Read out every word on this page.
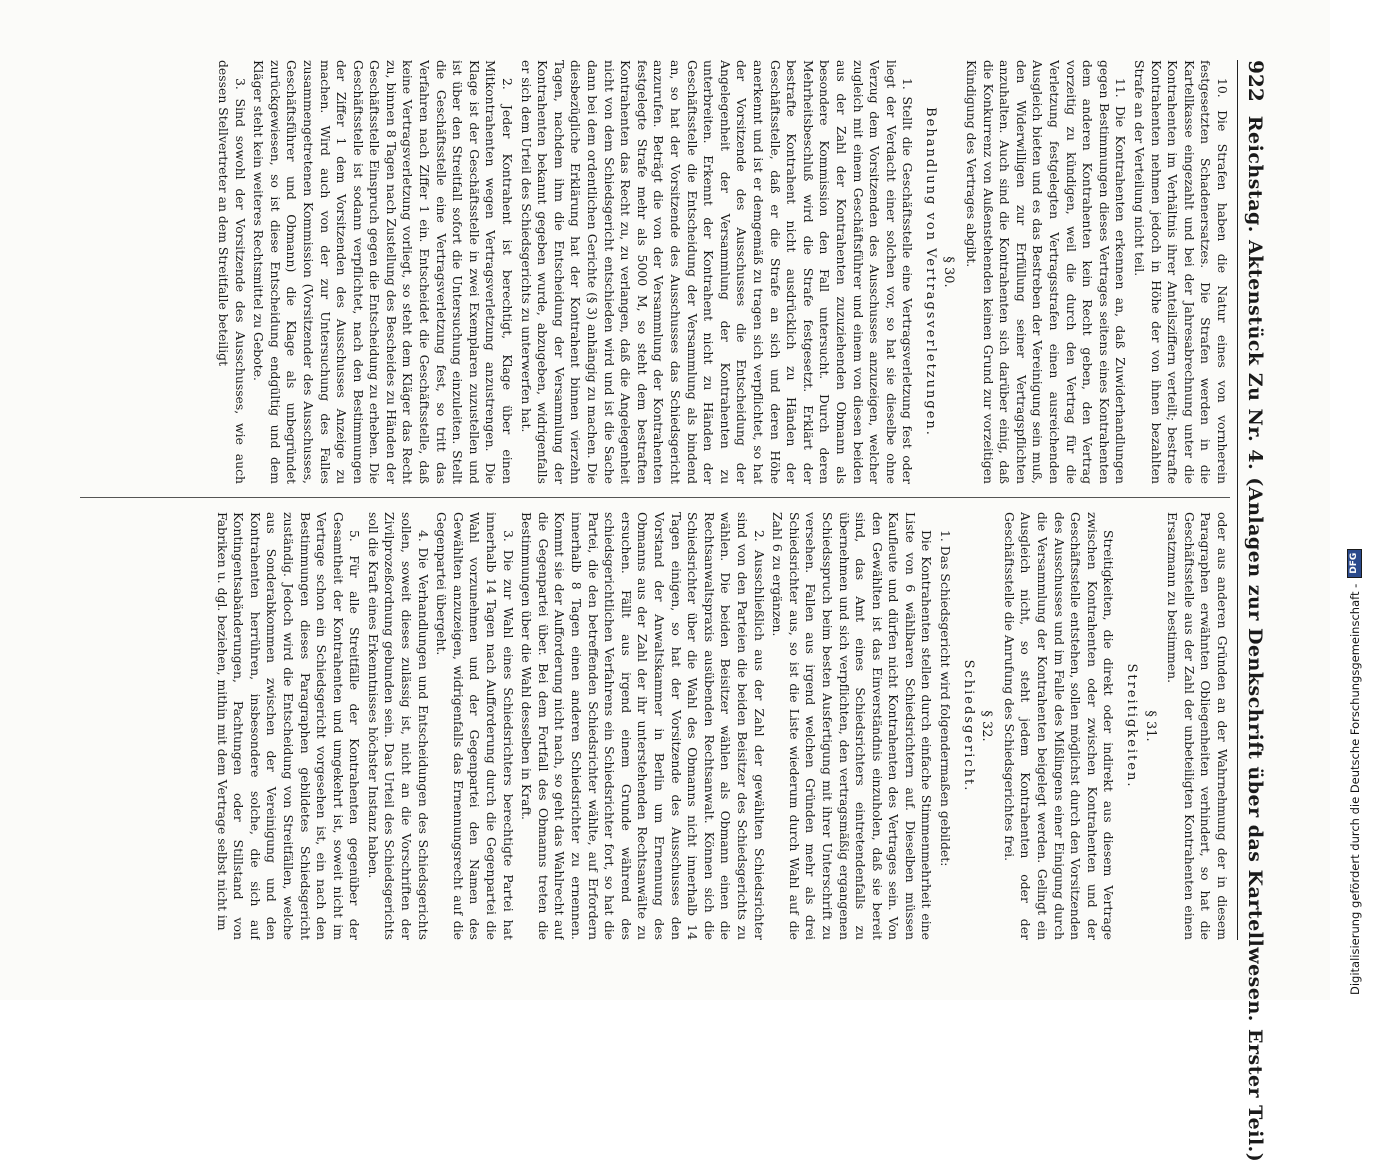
922
Reichstag. Aktenstück Zu Nr. 4. (Anlagen zur Denkschrift über das Kartellwesen. Erster Teil.)

10. Die Strafen haben die Natur eines von vornherein festgesetzten Schadenersatzes. Die Strafen werden in die Kartellkasse eingezahlt und bei der Jahresabrechnung unter die Kontrahenten im Verhältnis ihrer Anteilsziffern verteilt; bestrafte Kontrahenten nehmen jedoch in Höhe der von ihnen bezahlten Strafe an der Verteilung nicht teil.

11. Die Kontrahenten erkennen an, daß Zuwiderhandlungen gegen Bestimmungen dieses Vertrages seitens eines Kontrahenten dem anderen Kontrahenten kein Recht geben, den Vertrag vorzeitig zu kündigen, weil die durch den Vertrag für die Verletzung festgelegten Vertragsstrafen einen ausreichenden Ausgleich bieten und es das Bestreben der Vereinigung sein muß, den Widerwilligen zur Erfüllung seiner Vertragspflichten anzuhalten. Auch sind die Kontrahenten sich darüber einig, daß die Konkurrenz von Außenstehenden keinen Grund zur vorzeitigen Kündigung des Vertrages abgibt.

§ 30.
Behandlung von Vertragsverletzungen.

1. Stellt die Geschäftsstelle eine Vertragsverletzung fest oder liegt der Verdacht einer solchen vor, so hat sie dieselbe ohne Verzug dem Vorsitzenden des Ausschusses anzuzeigen, welcher zugleich mit einem Geschäftsführer und einem von diesen beiden aus der Zahl der Kontrahenten zuzuziehenden Obmann als besondere Kommission den Fall untersucht. Durch deren Mehrheitsbeschluß wird die Strafe festgesetzt. Erklärt der bestrafte Kontrahent nicht ausdrücklich zu Händen der Geschäftsstelle, daß er die Strafe an sich und deren Höhe anerkennt und ist er demgemäß zu tragen sich verpflichtet, so hat der Vorsitzende des Ausschusses die Entscheidung der Angelegenheit der Versammlung der Kontrahenten zu unterbreiten. Erkennt der Kontrahent nicht zu Händen der Geschäftsstelle die Entscheidung der Versammlung als bindend an, so hat der Vorsitzende des Ausschusses das Schiedsgericht anzurufen. Beträgt die von der Versammlung der Kontrahenten festgelegte Strafe mehr als 5000 M, so steht dem bestraften Kontrahenten das Recht zu, zu verlangen, daß die Angelegenheit nicht von dem Schiedsgericht entschieden wird und ist die Sache dann bei dem ordentlichen Gerichte (§ 3) anhängig zu machen. Die diesbezügliche Erklärung hat der Kontrahent binnen vierzehn Tagen, nachdem ihm die Entscheidung der Versammlung der Kontrahenten bekannt gegeben wurde, abzugeben, widrigenfalls er sich dem Urteil des Schiedsgerichts zu unterwerfen hat.

2. Jeder Kontrahent ist berechtigt, Klage über einen Mitkontrahenten wegen Vertragsverletzung anzustrengen. Die Klage ist der Geschäftsstelle in zwei Exemplaren zuzustellen und ist über den Streitfall sofort die Untersuchung einzuleiten. Stellt die Geschäftsstelle eine Vertragsverletzung fest, so tritt das Verfahren nach Ziffer 1 ein. Entscheidet die Geschäftsstelle, daß keine Vertragsverletzung vorliegt, so steht dem Kläger das Recht zu, binnen 8 Tagen nach Zustellung des Bescheides zu Händen der Geschäftsstelle Einspruch gegen die Entscheidung zu erheben. Die Geschäftsstelle ist sodann verpflichtet, nach den Bestimmungen der Ziffer 1 dem Vorsitzenden des Ausschusses Anzeige zu machen. Wird auch von der zur Untersuchung des Falles zusammengetretenen Kommission (Vorsitzender des Ausschusses, Geschäftsführer und Obmann) die Klage als unbegründet zurückgewiesen, so ist diese Entscheidung endgültig und dem Kläger steht kein weiteres Rechtsmittel zu Gebote.

3. Sind sowohl der Vorsitzende des Ausschusses, wie auch dessen Stellvertreter an dem Streitfalle beteiligt

oder aus anderen Gründen an der Wahrnehmung der in diesem Paragraphen erwähnten Obliegenheiten verhindert, so hat die Geschäftsstelle aus der Zahl der unbeteiligten Kontrahenten einen Ersatzmann zu bestimmen.

§ 31.
Streitigkeiten.

Streitigkeiten, die direkt oder indirekt aus diesem Vertrage zwischen Kontrahenten oder zwischen Kontrahenten und der Geschäftsstelle entstehen, sollen möglichst durch den Vorsitzenden des Ausschusses und im Falle des Mißlingens einer Einigung durch die Versammlung der Kontrahenten beigelegt werden. Gelingt ein Ausgleich nicht, so steht jedem Kontrahenten oder der Geschäftsstelle die Anrufung des Schiedsgerichtes frei.

§ 32.
Schiedsgericht.

1. Das Schiedsgericht wird folgendermaßen gebildet:

Die Kontrahenten stellen durch einfache Stimmenmehrheit eine Liste von 6 wählbaren Schiedsrichtern auf. Dieselben müssen Kaufleute und dürfen nicht Kontrahenten des Vertrages sein. Von den Gewählten ist das Einverständnis einzuholen, daß sie bereit sind, das Amt eines Schiedsrichters eintretendenfalls zu übernehmen und sich verpflichten, den vertragsmäßig ergangenen Schiedsspruch beim besten Ausfertigung mit ihrer Unterschrift zu versehen. Fallen aus irgend welchen Gründen mehr als drei Schiedsrichter aus, so ist die Liste wiederum durch Wahl auf die Zahl 6 zu ergänzen.

2. Ausschließlich aus der Zahl der gewählten Schiedsrichter sind von den Parteien die beiden Beisitzer des Schiedsgerichts zu wählen. Die beiden Beisitzer wählen als Obmann einen die Rechtsanwaltspraxis ausübenden Rechtsanwalt. Können sich die Schiedsrichter über die Wahl des Obmanns nicht innerhalb 14 Tagen einigen, so hat der Vorsitzende des Ausschusses den Vorstand der Anwaltskammer in Berlin um Ernennung des Obmanns aus der Zahl der ihr unterstehenden Rechtsanwälte zu ersuchen. Fällt aus irgend einem Grunde während des schiedsgerichtlichen Verfahrens ein Schiedsrichter fort, so hat die Partei, die den betreffenden Schiedsrichter wählte, auf Erfordern innerhalb 8 Tagen einen anderen Schiedsrichter zu ernennen. Kommt sie der Aufforderung nicht nach, so geht das Wahlrecht auf die Gegenpartei über. Bei dem Fortfall des Obmanns treten die Bestimmungen über die Wahl desselben in Kraft.

3. Die zur Wahl eines Schiedsrichters berechtigte Partei hat innerhalb 14 Tagen nach Aufforderung durch die Gegenpartei die Wahl vorzunehmen und der Gegenpartei den Namen des Gewählten anzuzeigen, widrigenfalls das Ernennungsrecht auf die Gegenpartei übergeht.

4. Die Verhandlungen und Entscheidungen des Schiedsgerichts sollen, soweit dieses zulässig ist, nicht an die Vorschriften der Zivilprozeßordnung gebunden sein. Das Urteil des Schiedsgerichts soll die Kraft eines Erkenntnisses höchster Instanz haben.

5. Für alle Streitfälle der Kontrahenten gegenüber der Gesamtheit der Kontrahenten und umgekehrt ist, soweit nicht im Vertrage schon ein Schiedsgericht vorgesehen ist, ein nach den Bestimmungen dieses Paragraphen gebildetes Schiedsgericht zuständig. Jedoch wird die Entscheidung von Streitfällen, welche aus Sonderabkommen zwischen der Vereinigung und den Kontrahenten herrühren, insbesondere solche, die sich auf Kontingentsabänderungen, Pachtungen oder Stillstand von Fabriken u. dgl. beziehen, mithin mit dem Vertrage selbst nicht im	Digitalisierung gefördert durch die Deutsche Forschungsgemeinschaft -
DFG
